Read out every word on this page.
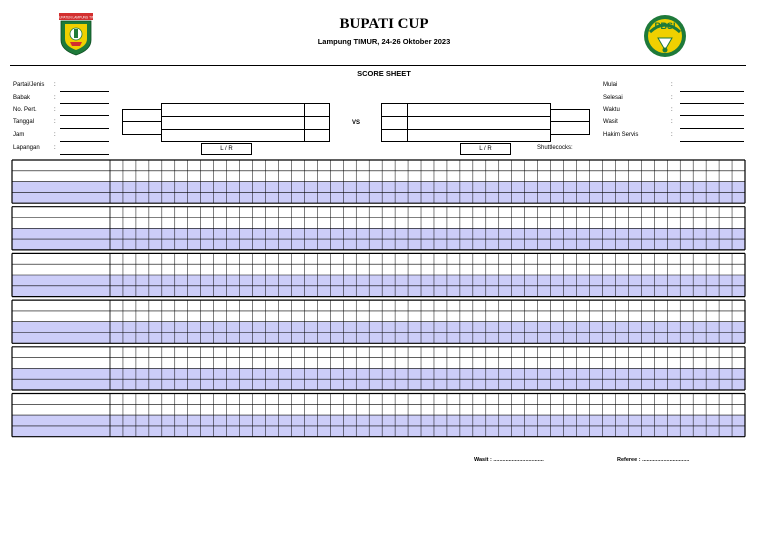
KABUPATEN LAMPUNG TIMUR
PBSI
BUPATI CUP
Lampung TIMUR, 24-26 Oktober 2023
SCORE SHEET
Partai/Jenis :
Babak	:
No. Pert.	:
Tanggal	:
Jam	:
Lapangan :	L / R
VS
L / R	Shuttlecocks:
Mulai	:
Selesai	:
Waktu	:
Wasit	:
Hakim Servis	:
Wasit : .................................	Referee : ...............................
